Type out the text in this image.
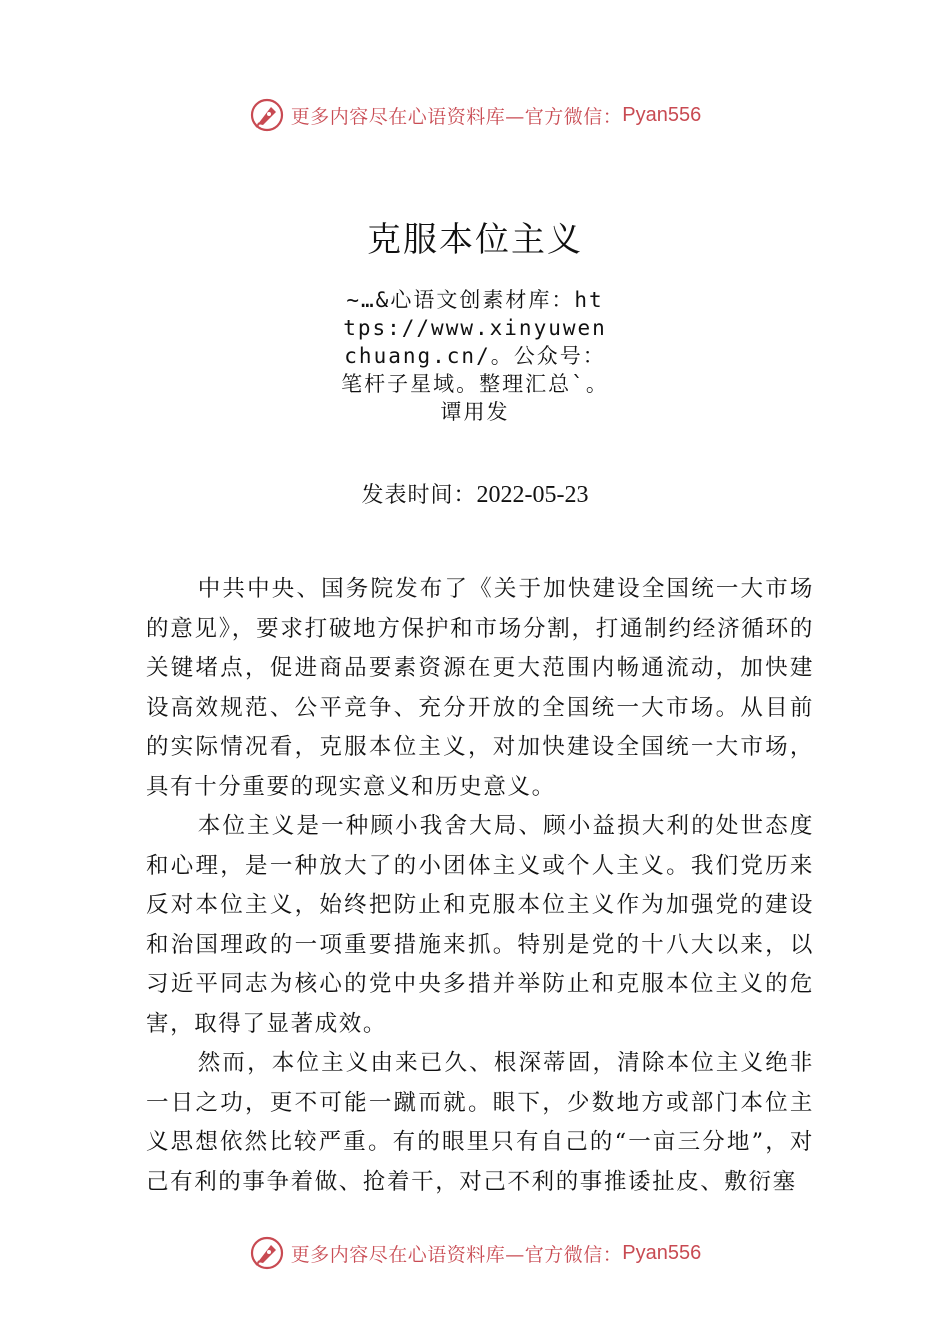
更多内容尽在心语资料库—官方微信： Pyan556
克服本位主义
~…&心语文创素材库：https://www.xinyuwenchuang.cn/。公众号：笔杆子星域。整理汇总`。谭用发
发表时间：2022-05-23

中共中央、国务院发布了《关于加快建设全国统一大市场的意见》，要求打破地方保护和市场分割，打通制约经济循环的关键堵点，促进商品要素资源在更大范围内畅通流动，加快建设高效规范、公平竞争、充分开放的全国统一大市场。从目前的实际情况看，克服本位主义，对加快建设全国统一大市场，具有十分重要的现实意义和历史意义。

本位主义是一种顾小我舍大局、顾小益损大利的处世态度和心理，是一种放大了的小团体主义或个人主义。我们党历来反对本位主义，始终把防止和克服本位主义作为加强党的建设和治国理政的一项重要措施来抓。特别是党的十八大以来，以习近平同志为核心的党中央多措并举防止和克服本位主义的危害，取得了显著成效。

然而，本位主义由来已久、根深蒂固，清除本位主义绝非一日之功，更不可能一蹴而就。眼下，少数地方或部门本位主义思想依然比较严重。有的眼里只有自己的“一亩三分地”，对己有利的事争着做、抢着干，对己不利的事推诿扯皮、敷衍塞

更多内容尽在心语资料库—官方微信： Pyan556
